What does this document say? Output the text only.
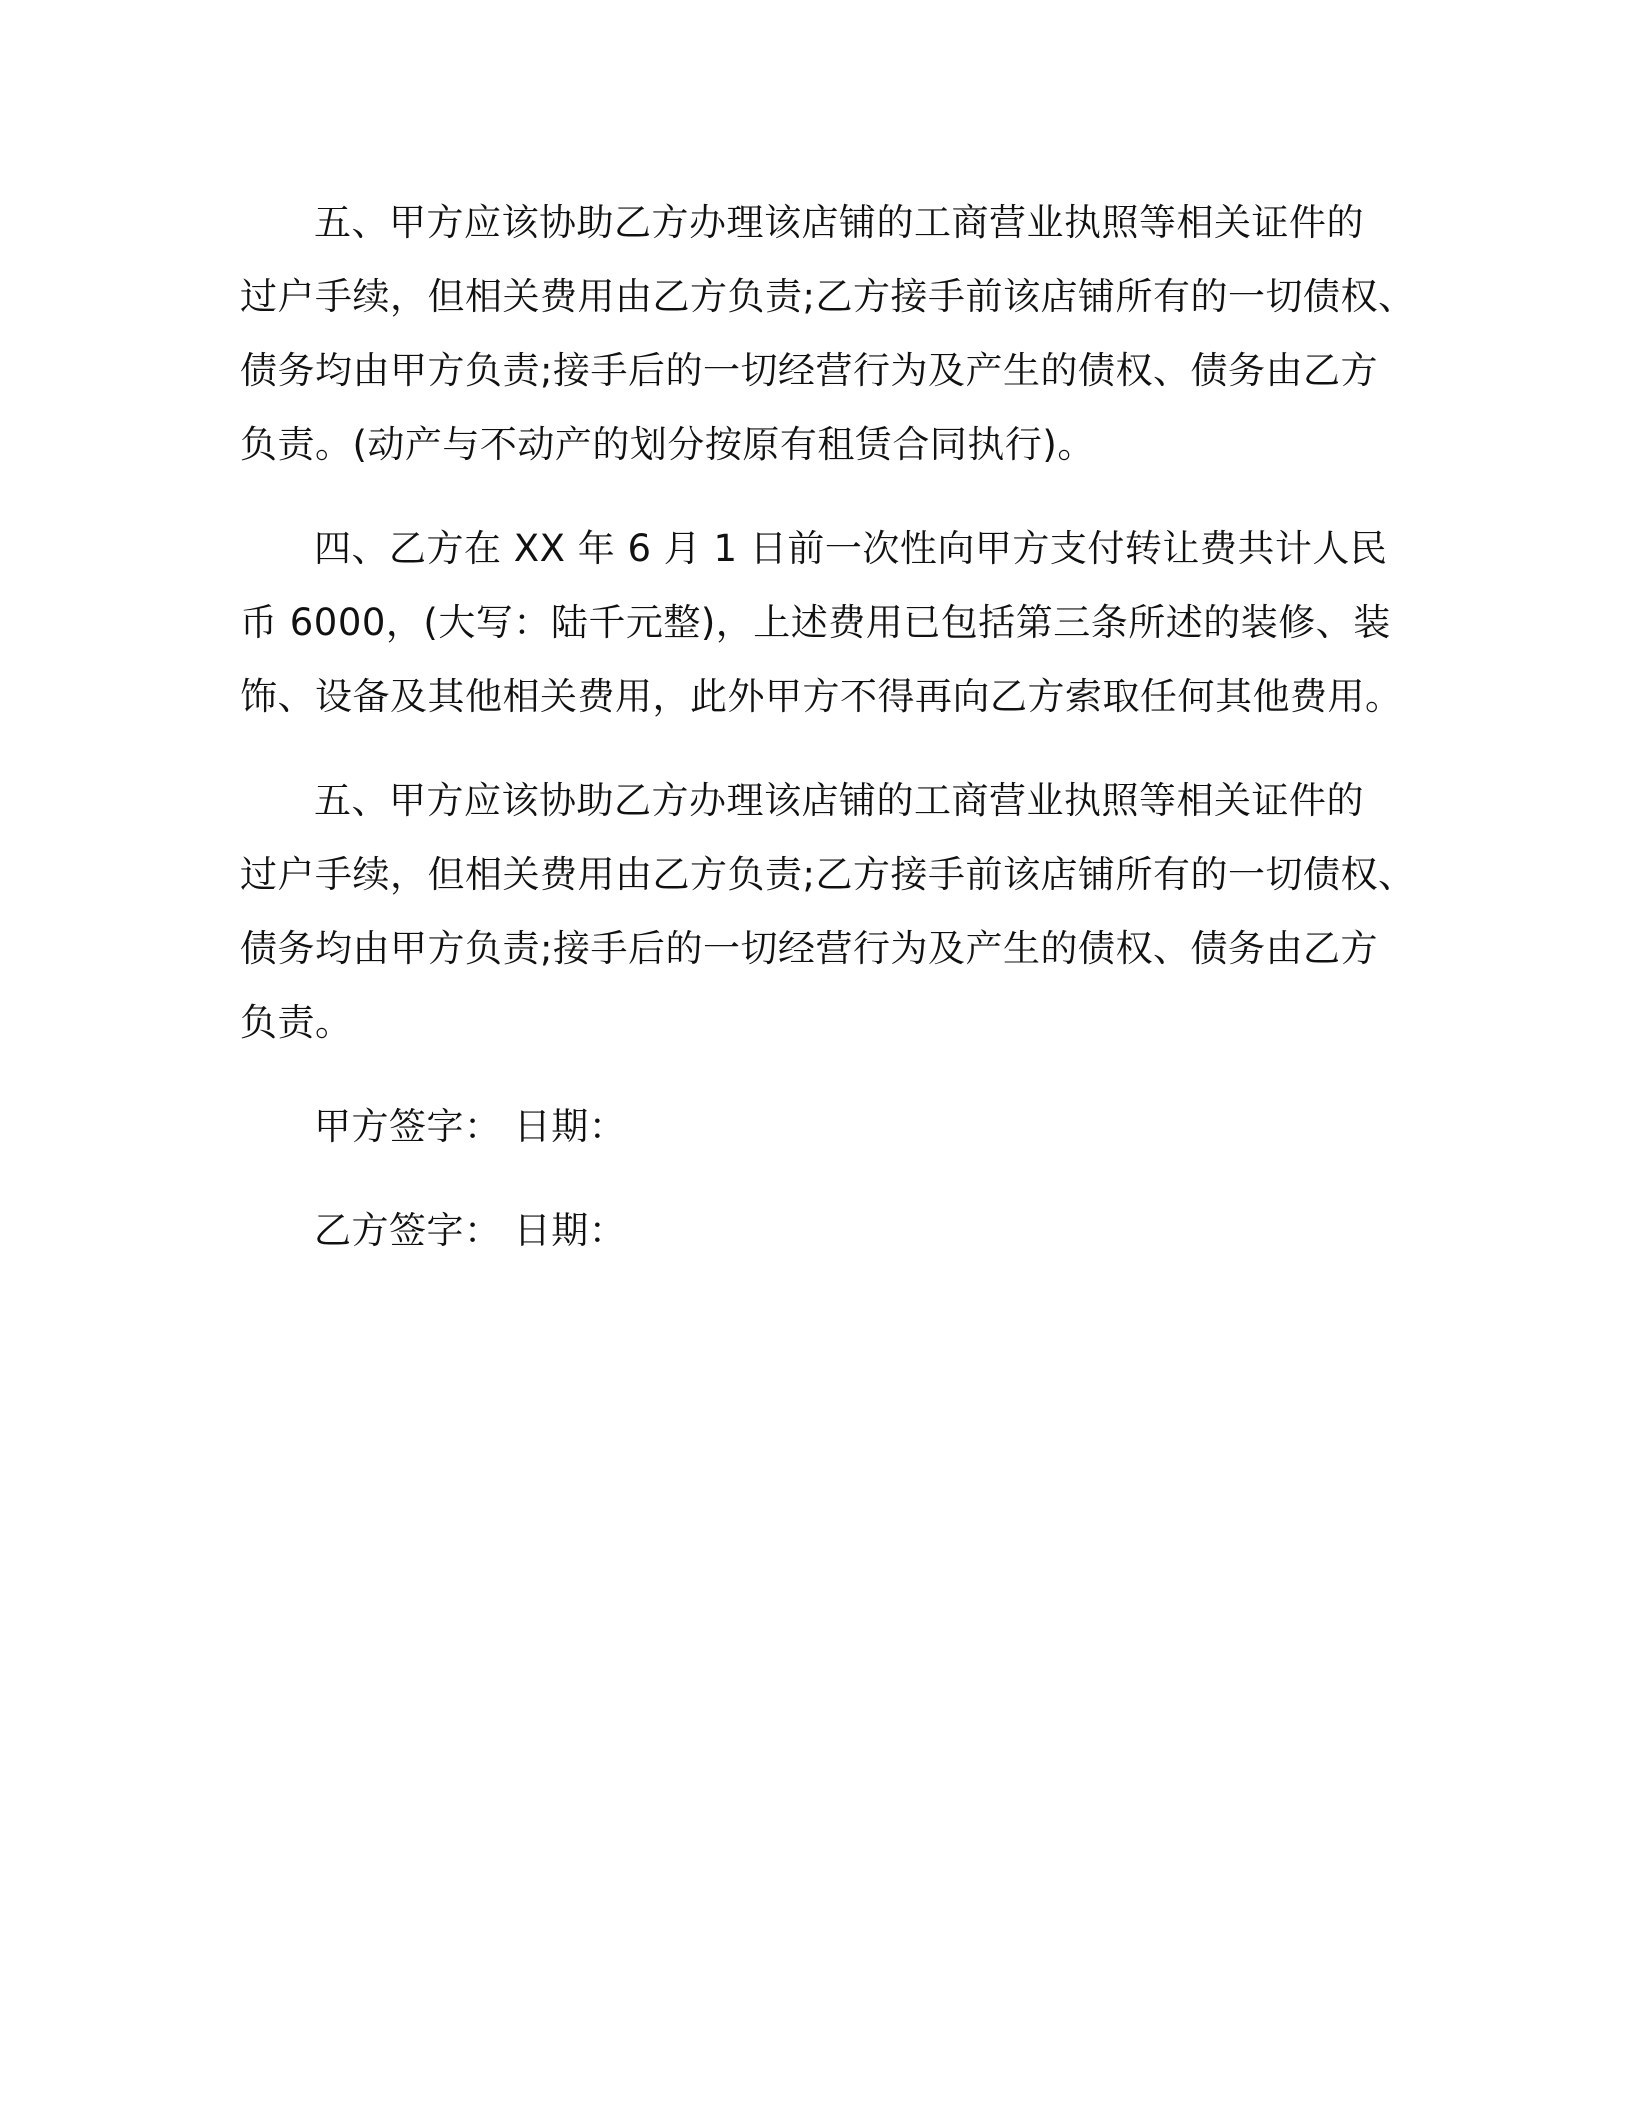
五、甲方应该协助乙方办理该店铺的工商营业执照等相关证件的
过户手续，但相关费用由乙方负责;乙方接手前该店铺所有的一切债权、
债务均由甲方负责;接手后的一切经营行为及产生的债权、债务由乙方
负责。(动产与不动产的划分按原有租赁合同执行)。
四、乙方在 XX 年 6 月 1 日前一次性向甲方支付转让费共计人民
币 6000，(大写：陆千元整)，上述费用已包括第三条所述的装修、装
饰、设备及其他相关费用，此外甲方不得再向乙方索取任何其他费用。
五、甲方应该协助乙方办理该店铺的工商营业执照等相关证件的
过户手续，但相关费用由乙方负责;乙方接手前该店铺所有的一切债权、
债务均由甲方负责;接手后的一切经营行为及产生的债权、债务由乙方
负责。

甲方签字： 日期：

乙方签字： 日期：
